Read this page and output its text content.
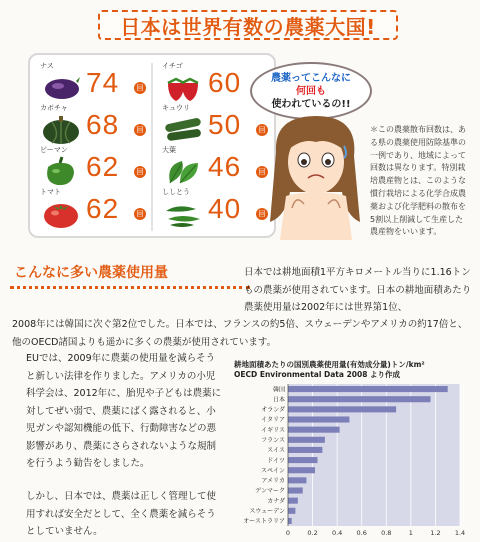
日本は世界有数の農薬大国!
ナス
74	回
カボチャ
68	回
ピーマン
62	回
トマト
62	回
イチゴ
60
キュウリ
50	回
大葉
46	回
ししとう
40	回
農薬ってこんなに
何回も
使われているの!!
＊この農薬散布回数は、ある県の農薬使用防除基準の一例であり、地域によって回数は異なります。特別栽培農産物とは、このような慣行栽培による化学合成農薬および化学肥料の散布を5割以上削減して生産した農産物をいいます。
こんなに多い農薬使用量	日本では耕地面積1平方キロメートル当りに1.16トンもの農薬が使用されています。日本の耕地面積あたり農薬使用量は2002年には世界第1位、
2008年には韓国に次ぐ第2位でした。日本では、フランスの約5倍、スウェーデンやアメリカの約17倍と、他のOECD諸国よりも遥かに多くの農薬が使用されています。
EUでは、2009年に農薬の使用量を減らそうと新しい法律を作りました。アメリカの小児科学会は、2012年に、胎児や子どもは農薬に対してぜい弱で、農薬にばく露されると、小児ガンや認知機能の低下、行動障害などの悪影響があり、農薬にさらされないような規制を行うよう勧告をしました。
しかし、日本では、農薬は正しく管理して使用すれば安全だとして、全く農薬を減らそうとしていません。
耕地面積あたりの国別農薬使用量(有効成分量)トン/km²
OECD Environmental Data 2008 より作成
0	0.2 0.4 0.6 0.8	1	1.2 1.4
韓国
日本
オランダ
イタリア
イギリス
フランス
スイス
ドイツ
スペイン
アメリカ
デンマーク
カナダ
スウェーデン
オーストラリア
